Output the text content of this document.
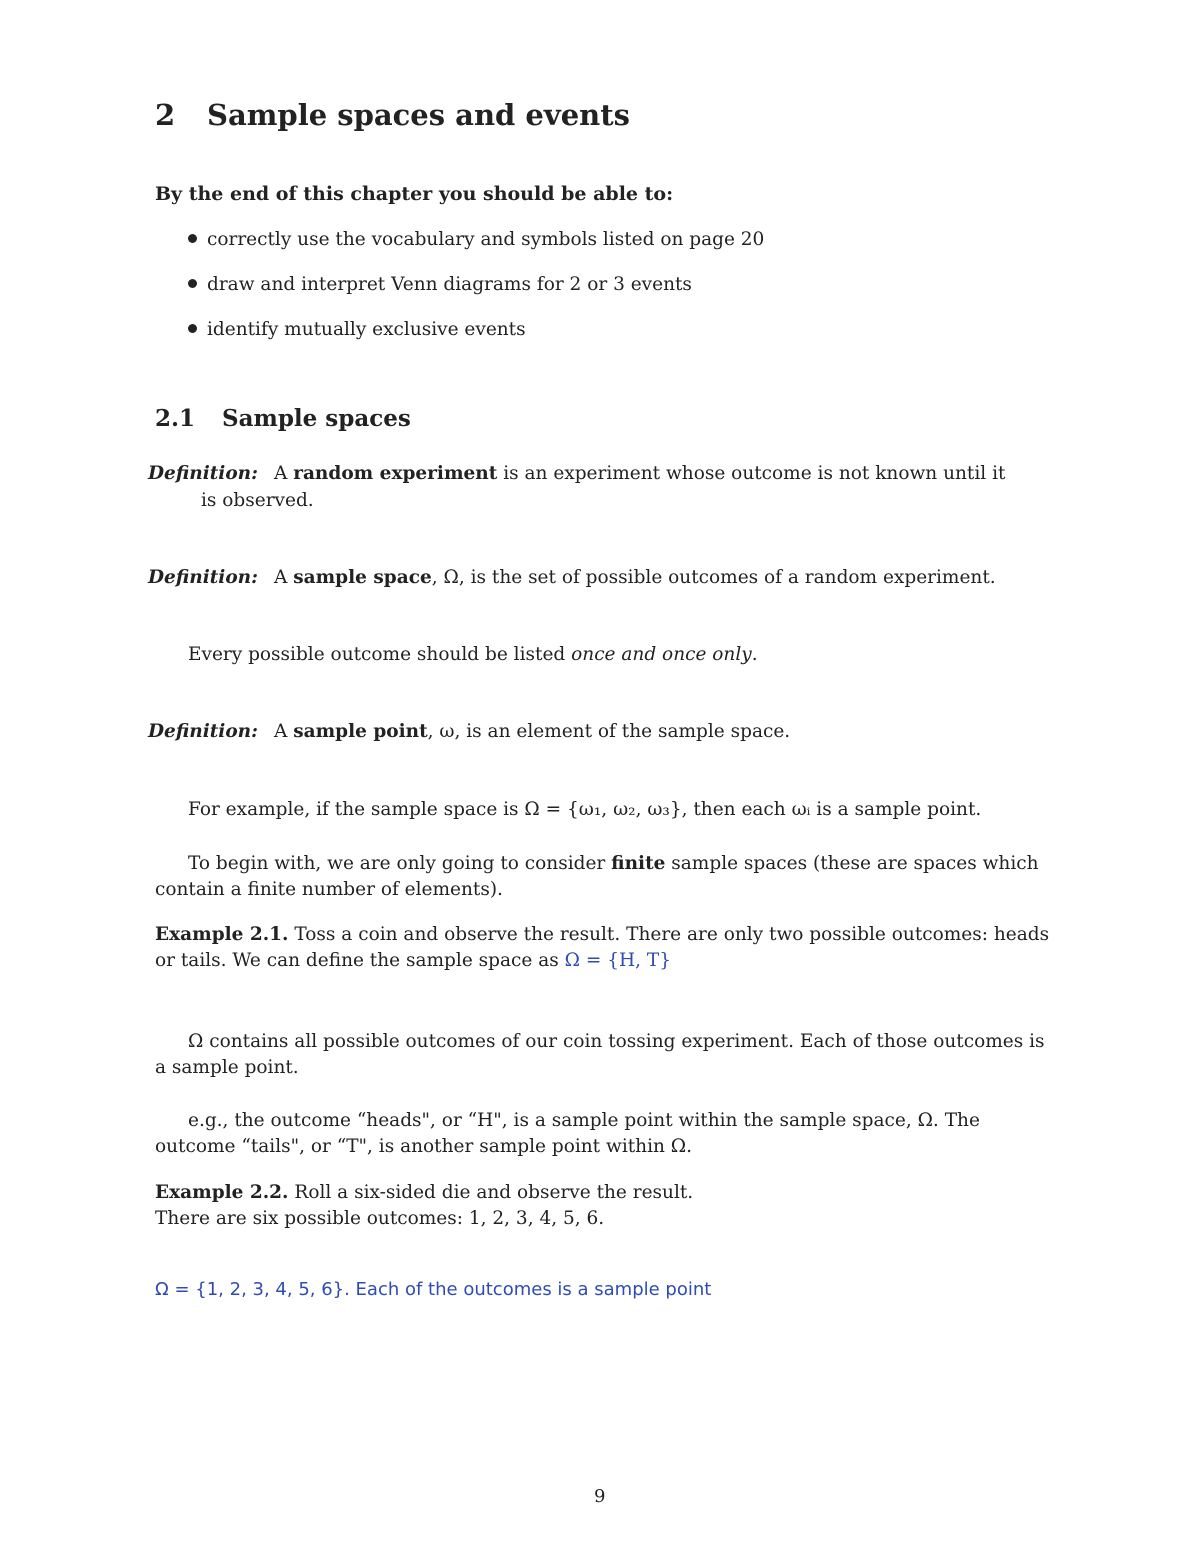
2 Sample spaces and events
By the end of this chapter you should be able to:
correctly use the vocabulary and symbols listed on page 20
draw and interpret Venn diagrams for 2 or 3 events
identify mutually exclusive events
2.1 Sample spaces
Definition: A random experiment is an experiment whose outcome is not known until it
is observed.
Definition: A sample space, Ω, is the set of possible outcomes of a random experiment.
Every possible outcome should be listed once and once only.
Definition: A sample point, ω, is an element of the sample space.
For example, if the sample space is Ω = {ω₁, ω₂, ω₃}, then each ωᵢ is a sample point.
To begin with, we are only going to consider finite sample spaces (these are spaces which
contain a finite number of elements).
Example 2.1. Toss a coin and observe the result. There are only two possible outcomes: heads
or tails. We can define the sample space as Ω = {H, T}
Ω contains all possible outcomes of our coin tossing experiment. Each of those outcomes is
a sample point.
e.g., the outcome “heads", or “H", is a sample point within the sample space, Ω. The
outcome “tails", or “T", is another sample point within Ω.
Example 2.2. Roll a six-sided die and observe the result.
There are six possible outcomes: 1, 2, 3, 4, 5, 6.
Ω = {1, 2, 3, 4, 5, 6}. Each of the outcomes is a sample point
9
